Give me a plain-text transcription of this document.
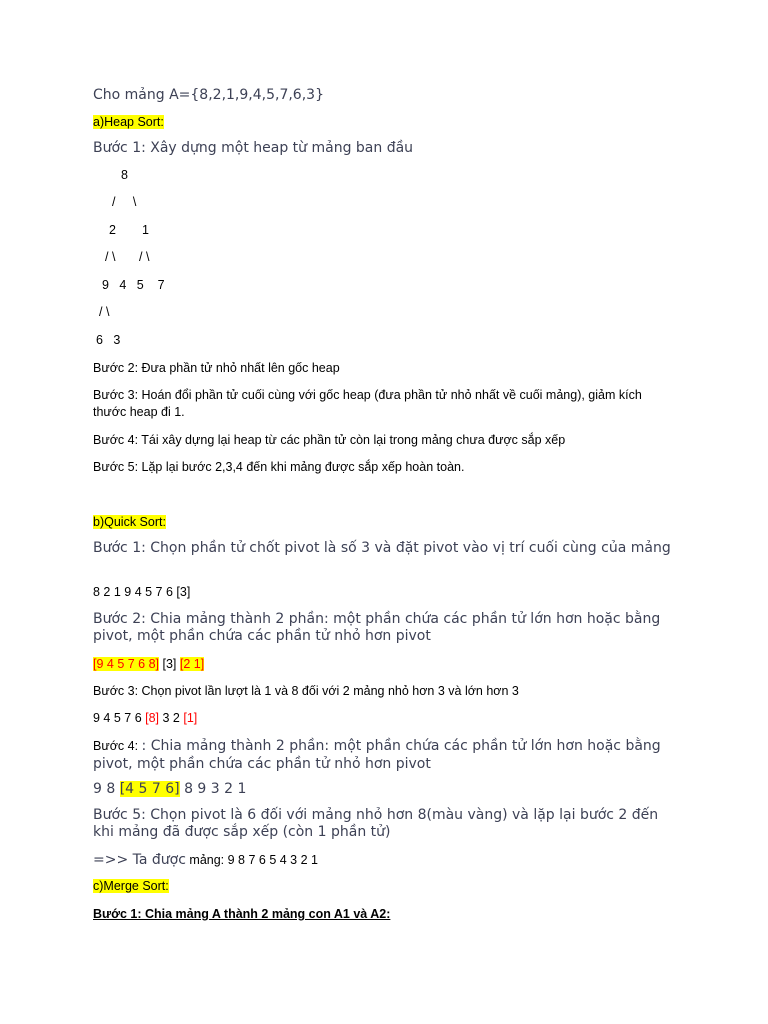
Cho mảng A={8,2,1,9,4,5,7,6,3}
a)Heap Sort:
Bước 1: Xây dựng một heap từ mảng ban đầu
8
/     \
2 1
/ \ / \
9   4   5    7
/ \
6   3
Bước 2: Đưa phần tử nhỏ nhất lên gốc heap
Bước 3: Hoán đổi phần tử cuối cùng với gốc heap (đưa phần tử nhỏ nhất về cuối mảng), giảm kích thước heap đi 1.
Bước 4: Tái xây dựng lại heap từ các phần tử còn lại trong mảng chưa được sắp xếp
Bước 5: Lặp lại bước 2,3,4 đến khi mảng được sắp xếp hoàn toàn.
b)Quick Sort:
Bước 1: Chọn phần tử chốt pivot là số 3 và đặt pivot vào vị trí cuối cùng của mảng
8 2 1 9 4 5 7 6 [3]
Bước 2: Chia mảng thành 2 phần: một phần chứa các phần tử lớn hơn hoặc bằng pivot, một phần chứa các phần tử nhỏ hơn pivot
[9 4 5 7 6 8] [3] [2 1]
Bước 3: Chọn pivot lần lượt là 1 và 8 đối với 2 mảng nhỏ hơn 3 và lớn hơn 3
9 4 5 7 6 [8] 3 2 [1]
Bước 4: : Chia mảng thành 2 phần: một phần chứa các phần tử lớn hơn hoặc bằng pivot, một phần chứa các phần tử nhỏ hơn pivot
9 8 [4 5 7 6] 8 9 3 2 1
Bước 5: Chọn pivot là 6 đối với mảng nhỏ hơn 8(màu vàng) và lặp lại bước 2 đến khi mảng đã được sắp xếp (còn 1 phần tử)
=>> Ta được mảng: 9 8 7 6 5 4 3 2 1
c)Merge Sort:
Bước 1: Chia mảng A thành 2 mảng con A1 và A2:
